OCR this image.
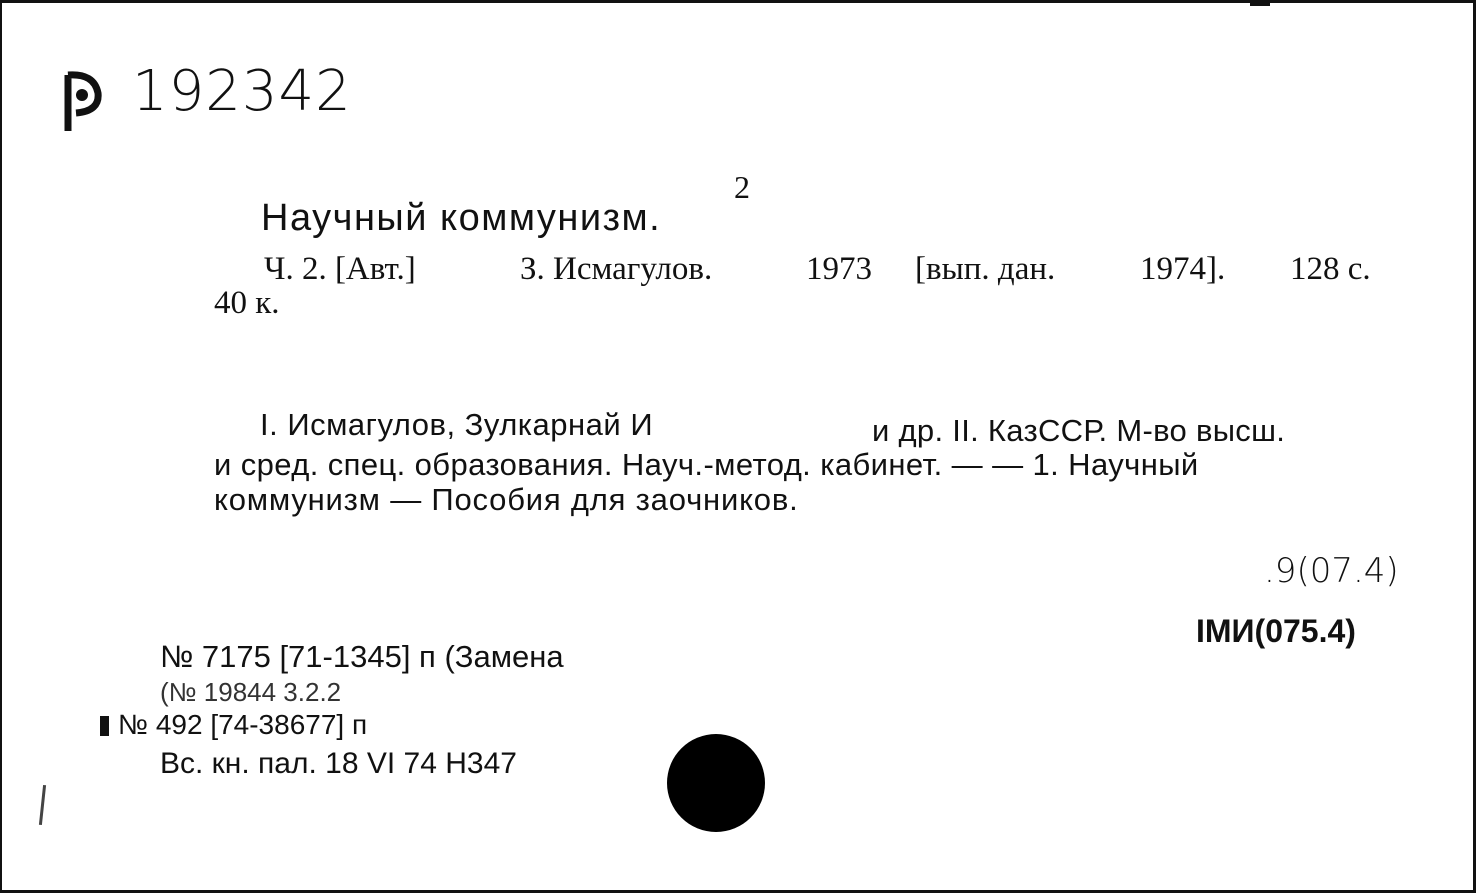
192342
2
Научный коммунизм.
Ч. 2. [Авт.]	З. Исмагулов.	1973 [вып. дан.	1974]. 128 с.
40 к.
I. Исмагулов, Зулкарнай И	и др. II. КазССР. М-во высш.
и сред. спец. образования. Науч.-метод. кабинет. — — 1. Научный
коммунизм — Пособия для заочников.
.9(07.4)
IМИ(075.4)
№ 7175 [71-1345] п (Замена
(№ 19844 3.2.2
№ 492 [74-38677] п
Вс. кн. пал. 18 VI 74 Н347
